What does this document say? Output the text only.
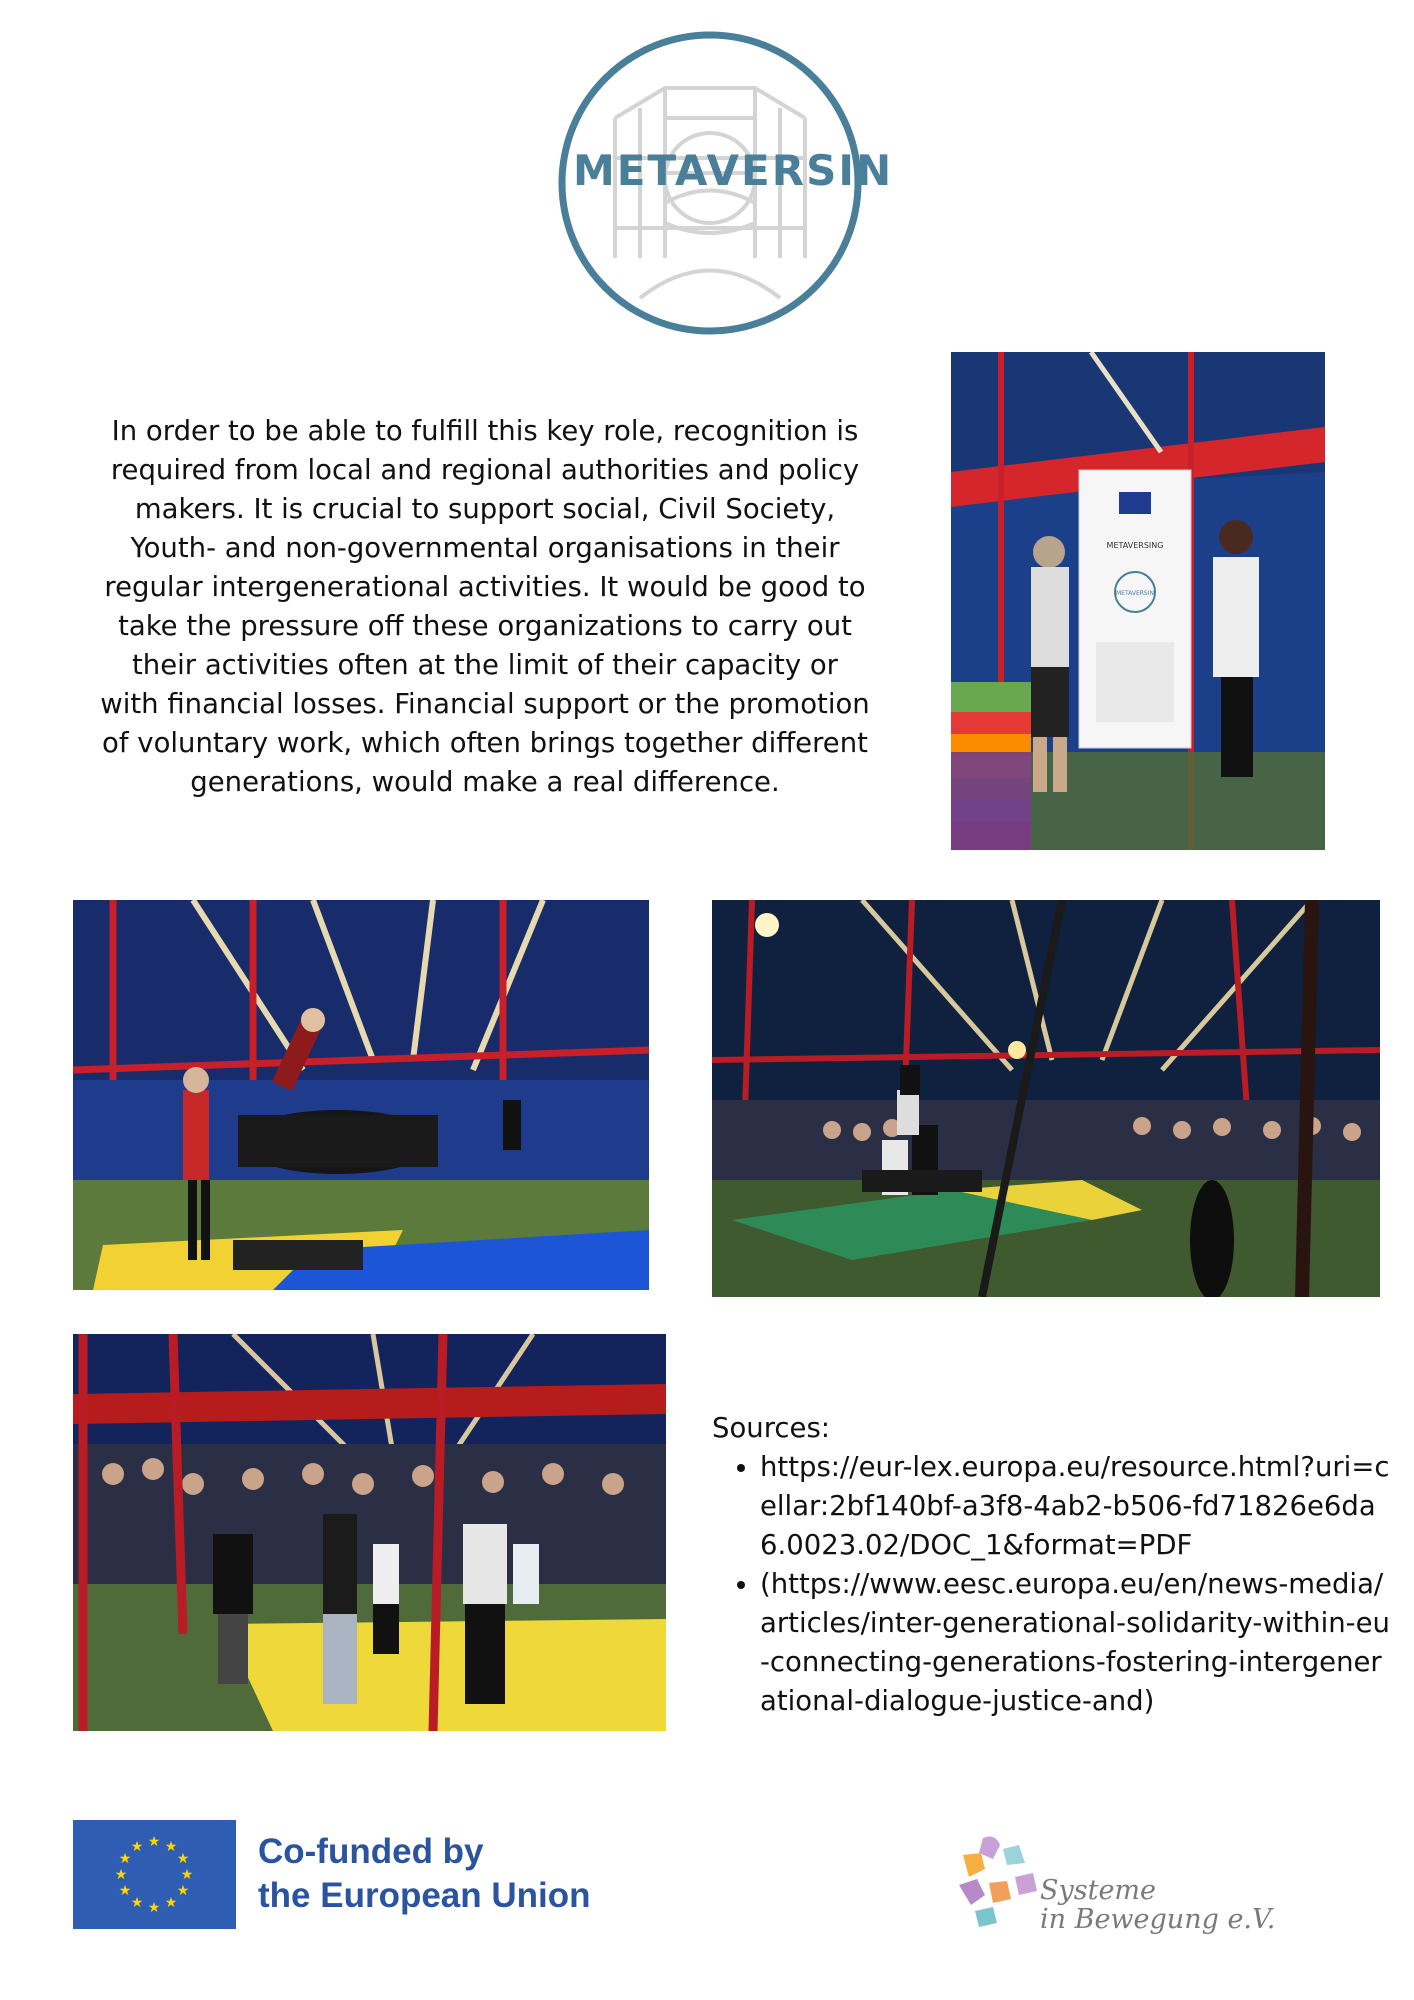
METAVERSIN
In order to be able to fulfill this key role, recognition is required from local and regional authorities and policy makers. It is crucial to support social, Civil Society, Youth- and non-governmental organisations in their regular intergenerational activities. It would be good to take the pressure off these organizations to carry out their activities often at the limit of their capacity or with financial losses. Financial support or the promotion of voluntary work, which often brings together different generations, would make a real difference.
METAVERSING
METAVERSIN
Sources:
• https://eur-lex.europa.eu/resource.html?uri=cellar:2bf140bf-a3f8-4ab2-b506-fd71826e6da6.0023.02/DOC_1&format=PDF
• (https://www.eesc.europa.eu/en/news-media/articles/inter-generational-solidarity-within-eu-connecting-generations-fostering-intergenerational-dialogue-justice-and)
★ ★
★
★
★
★
★
★
★
★
★
★	Co-funded by
the European Union	Systeme
in Bewegung e.V.
